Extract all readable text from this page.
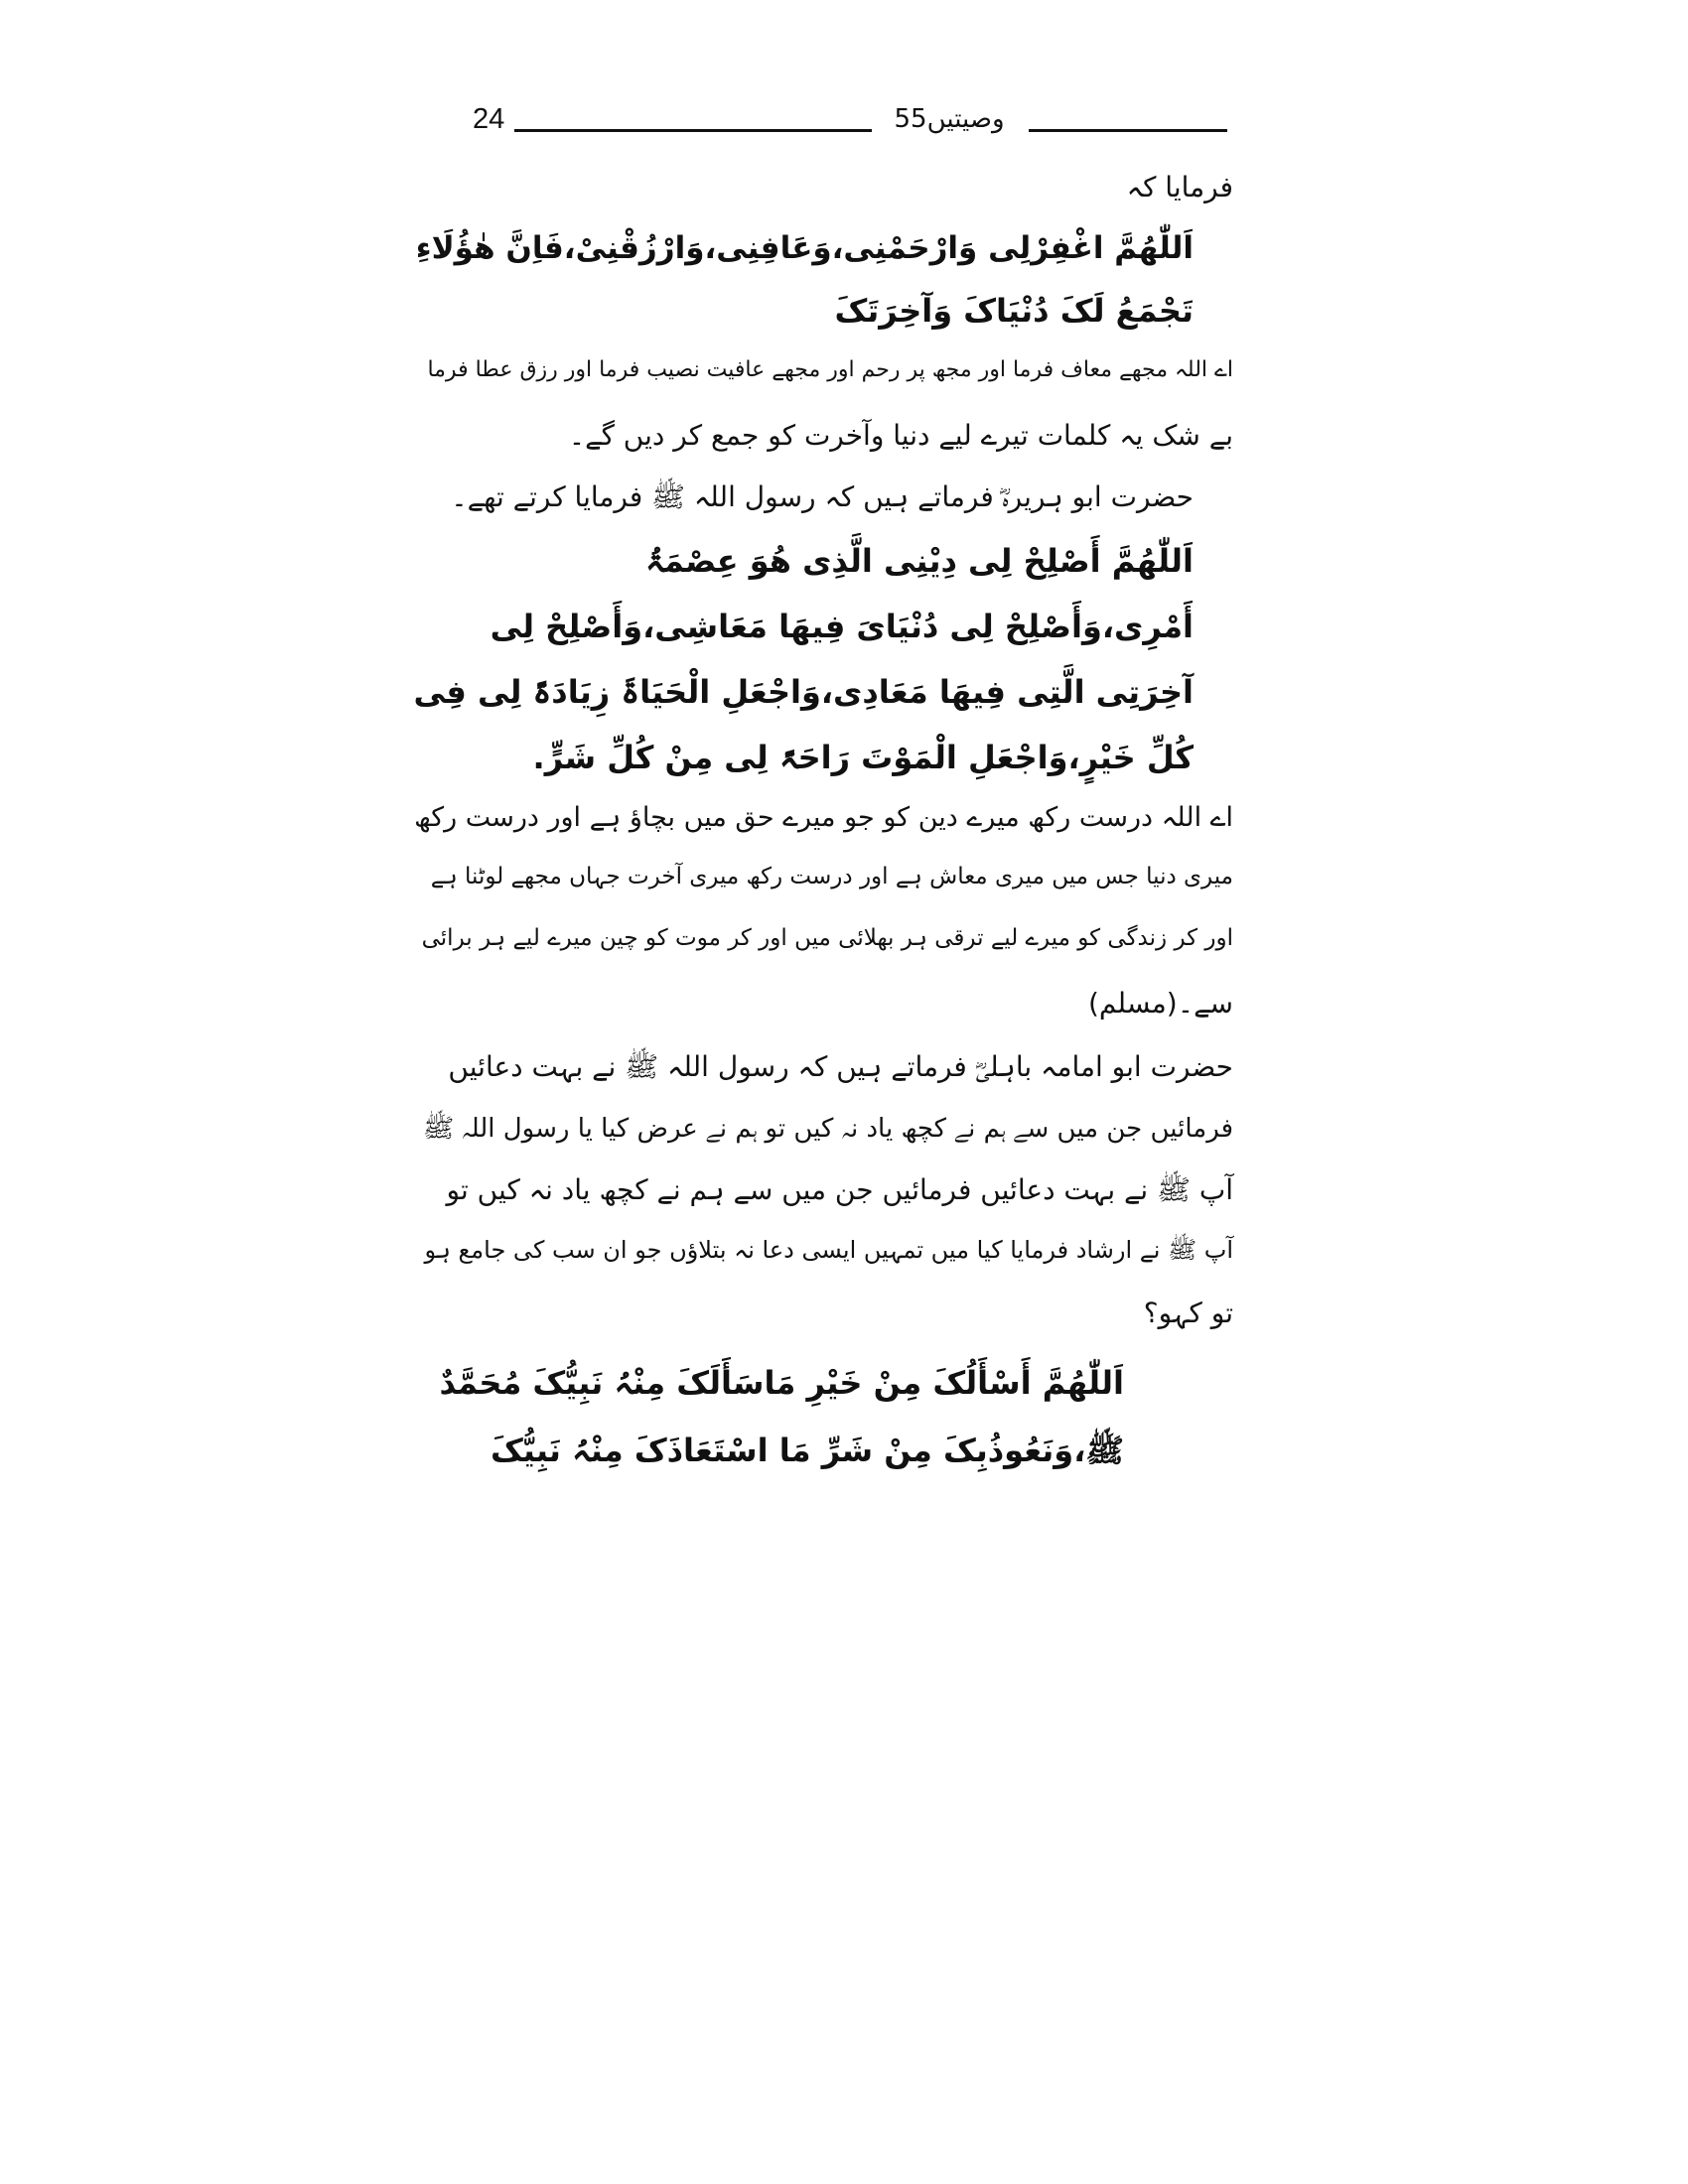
24	55وصیتیں
فرمایا کہ
اَللّٰھُمَّ اغْفِرْلِی وَارْحَمْنِی،وَعَافِنِی،وَارْزُقْنِیْ،فَاِنَّ ھٰؤُلَاءِ
تَجْمَعُ لَکَ دُنْیَاکَ وَآخِرَتَکَ
اے اللہ مجھے معاف فرما اور مجھ پر رحم اور مجھے عافیت نصیب فرما اور رزق عطا فرما
بے شک یہ کلمات تیرے لیے دنیا وآخرت کو جمع کر دیں گے۔
حضرت ابو ہریرہؓ فرماتے ہیں کہ رسول اللہ ﷺ فرمایا کرتے تھے۔
اَللّٰھُمَّ أَصْلِحْ لِی دِیْنِی الَّذِی ھُوَ عِصْمَۃُ
أَمْرِی،وَأَصْلِحْ لِی دُنْیَایَ فِیھَا مَعَاشِی،وَأَصْلِحْ لِی
آخِرَتِی الَّتِی فِیھَا مَعَادِی،وَاجْعَلِ الْحَیَاۃَ زِیَادَۃً لِی فِی
کُلِّ خَیْرٍ،وَاجْعَلِ الْمَوْتَ رَاحَۃً لِی مِنْ کُلِّ شَرٍّ.
اے اللہ درست رکھ میرے دین کو جو میرے حق میں بچاؤ ہے اور درست رکھ
میری دنیا جس میں میری معاش ہے اور درست رکھ میری آخرت جہاں مجھے لوٹنا ہے
اور کر زندگی کو میرے لیے ترقی ہر بھلائی میں اور کر موت کو چین میرے لیے ہر برائی
سے۔(مسلم)
حضرت ابو امامہ باہلیؓ فرماتے ہیں کہ رسول اللہ ﷺ نے بہت دعائیں
فرمائیں جن میں سے ہم نے کچھ یاد نہ کیں تو ہم نے عرض کیا یا رسول اللہ ﷺ
آپ ﷺ نے بہت دعائیں فرمائیں جن میں سے ہم نے کچھ یاد نہ کیں تو
آپ ﷺ نے ارشاد فرمایا کیا میں تمہیں ایسی دعا نہ بتلاؤں جو ان سب کی جامع ہو
تو کہو؟
اَللّٰھُمَّ أَسْأَلُکَ مِنْ خَیْرِ مَاسَأَلَکَ مِنْہُ نَبِیُّکَ مُحَمَّدٌ
ﷺ،وَنَعُوذُبِکَ مِنْ شَرِّ مَا اسْتَعَاذَکَ مِنْہُ نَبِیُّکَ
